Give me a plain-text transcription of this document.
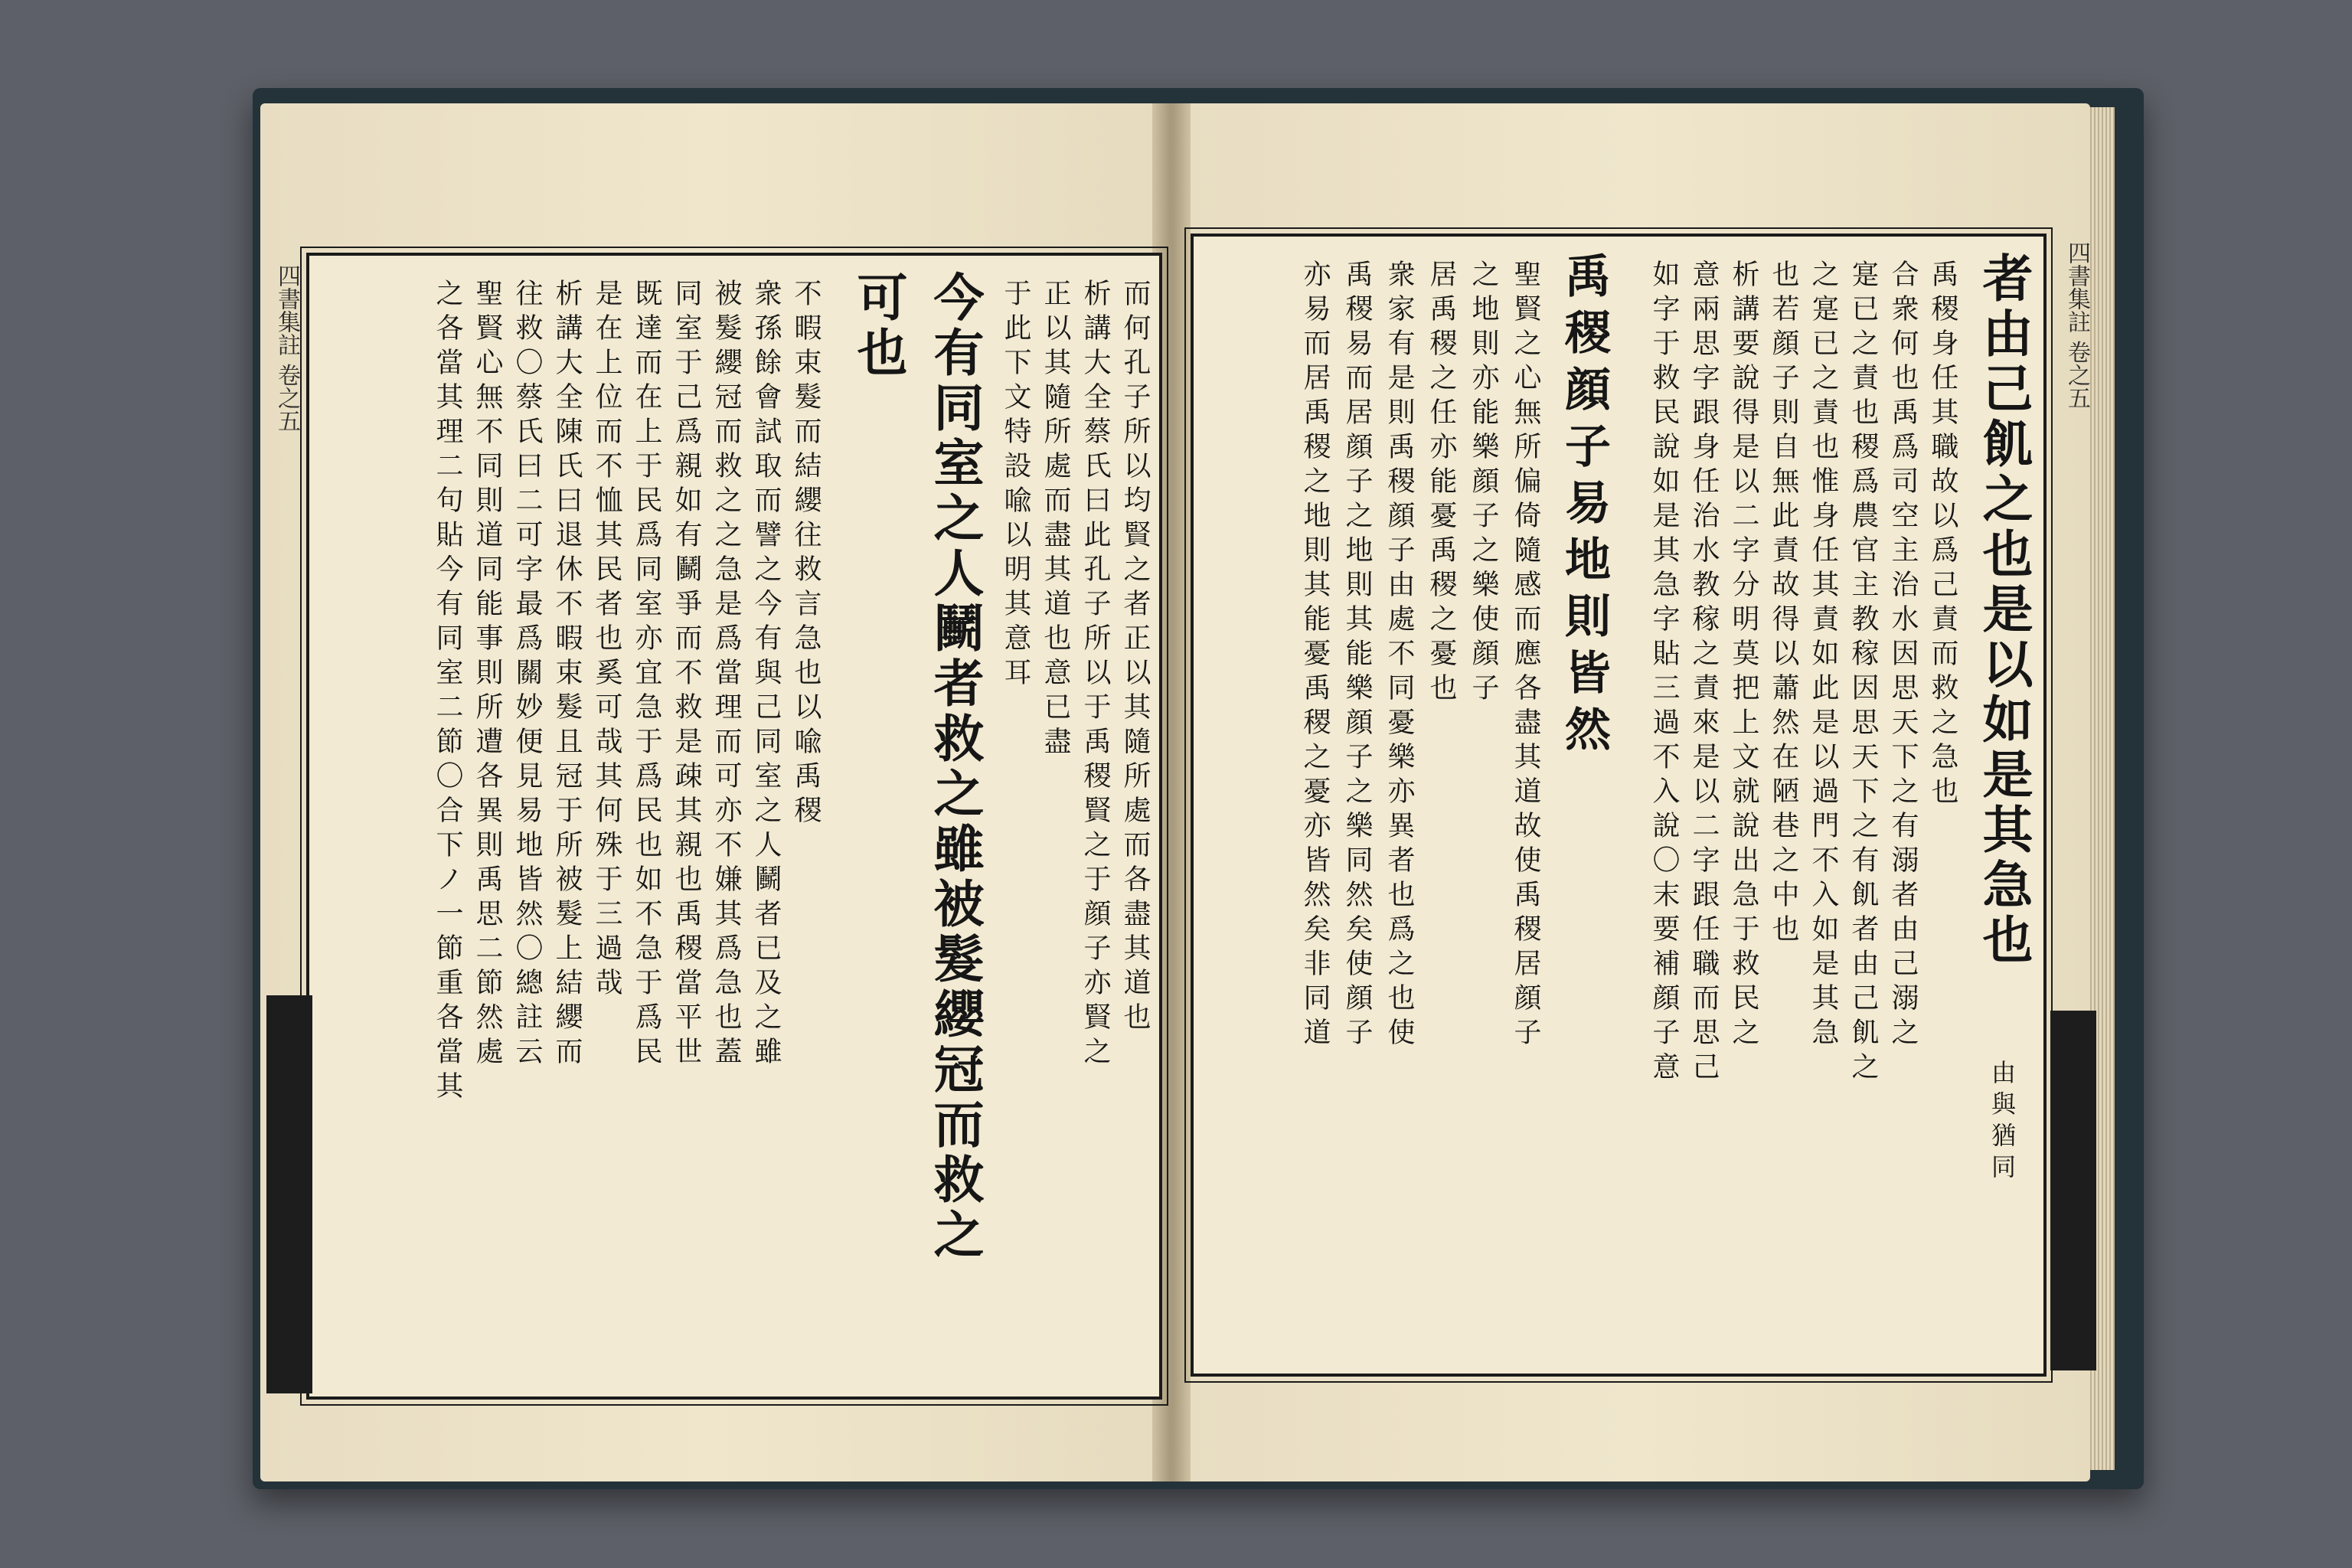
今有同室之人鬭者救之雖被髮纓冠而救之
可也	而何孔子所以均賢之者正以其隨所處而各盡其道也
析講大全蔡氏曰此孔子所以于禹稷賢之于顔子亦賢之
正以其隨所處而盡其道也意已盡
于此下文特設喩以明其意耳
不暇束髮而結纓往救言急也以喩禹稷
衆孫餘會試取而譬之今有與己同室之人鬭者已及之雖
被髮纓冠而救之之急是爲當理而可亦不嫌其爲急也蓋
同室于己爲親如有鬭爭而不救是疎其親也禹稷當平世
既達而在上于民爲同室亦宜急于爲民也如不急于爲民
是在上位而不恤其民者也奚可哉其何殊于三過哉
析講大全陳氏曰退休不暇束髮且冠于所被髮上結纓而
往救〇蔡氏曰二可字最爲關妙便見易地皆然〇總註云
聖賢心無不同則道同能事則所遭各異則禹思二節然處
之各當其理二句貼今有同室二節〇合下ノ一節重各當其
四書集註 卷之五	者由己飢之也是以如是其急也
禹稷顔子易地則皆然
由與猶同
禹稷身任其職故以爲己責而救之急也
合衆何也禹爲司空主治水因思天下之有溺者由己溺之
寔已之責也稷爲農官主教稼因思天下之有飢者由己飢之
之寔已之責也惟身任其責如此是以過門不入如是其急
也若顔子則自無此責故得以蕭然在陋巷之中也
析講要說得是以二字分明莫把上文就說出急于救民之
意兩思字跟身任治水教稼之責來是以二字跟任職而思己
如字于救民說如是其急字貼三過不入說〇末要補顔子意
聖賢之心無所偏倚隨感而應各盡其道故使禹稷居顔子
之地則亦能樂顔子之樂使顔子
居禹稷之任亦能憂禹稷之憂也
衆家有是則禹稷顔子由處不同憂樂亦異者也爲之也使
禹稷易而居顔子之地則其能樂顔子之樂同然矣使顔子
亦易而居禹稷之地則其能憂禹稷之憂亦皆然矣非同道	四書集註 卷之五
